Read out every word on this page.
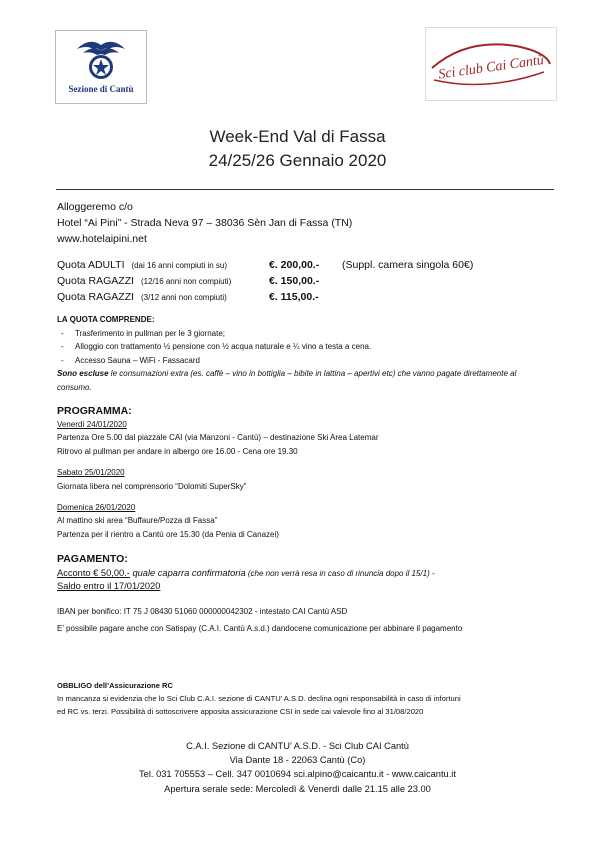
Sezione di Cantù
Sci club Cai Cantù
Week-End Val di Fassa
24/25/26 Gennaio 2020
Alloggeremo c/o
Hotel “Ai Pini” - Strada Neva 97 – 38036 Sèn Jan di Fassa (TN)
www.hotelaipini.net
Quota ADULTI (dai 16 anni compiuti in su)	€. 200,00.- (Suppl. camera singola 60€)
Quota RAGAZZI (12/16 anni non compiuti)	€. 150,00.-
Quota RAGAZZI (3/12 anni non compiuti)	€. 115,00.-
LA QUOTA COMPRENDE:
- Trasferimento in pullman per le 3 giornate;
- Alloggio con trattamento ½ pensione con ½ acqua naturale e ¼ vino a testa a cena.
- Accesso Sauna – WiFi - Fassacard
Sono escluse le consumazioni extra (es. caffè – vino in bottiglia – bibite in lattina – apertivi etc) che vanno pagate direttamente al consumo.
PROGRAMMA:
Venerdì 24/01/2020
Partenza Ore 5.00 dal piazzale CAI (via Manzoni - Cantù) – destinazione Ski Area Latemar
Ritrovo al pullman per andare in albergo ore 16.00 - Cena ore 19.30
Sabato 25/01/2020
Giornata libera nel comprensorio “Dolomiti SuperSky”
Domenica 26/01/2020
Al mattino ski area “Buffaure/Pozza di Fassa”
Partenza per il rientro a Cantù ore 15.30 (da Penia di Canazei)
PAGAMENTO:
Acconto € 50,00.- quale caparra confirmatoria (che non verrà resa in caso di rinuncia dopo il 15/1) -
Saldo entro il 17/01/2020
IBAN per bonifico: IT 75 J 08430 51060 000000042302 - intestato CAI Cantù ASD
E’ possibile pagare anche con Satispay (C.A.I. Cantù A.s.d.) dandocene comunicazione per abbinare il pagamento
OBBLIGO dell’Assicurazione RC
In mancanza si evidenzia che lo Sci Club C.A.I. sezione di CANTU’ A.S.D. declina ogni responsabilità in caso di infortuni
ed RC vs. terzi. Possibilità di sottoscrivere apposita assicurazione CSI in sede cai valevole fino al 31/08/2020
C.A.I. Sezione di CANTU’ A.S.D. - Sci Club CAI Cantù
Via Dante 18 - 22063 Cantù (Co)
Tel. 031 705553 – Cell. 347 0010694 sci.alpino@caicantu.it - www.caicantu.it
Apertura serale sede: Mercoledì & Venerdì dalle 21.15 alle 23.00
